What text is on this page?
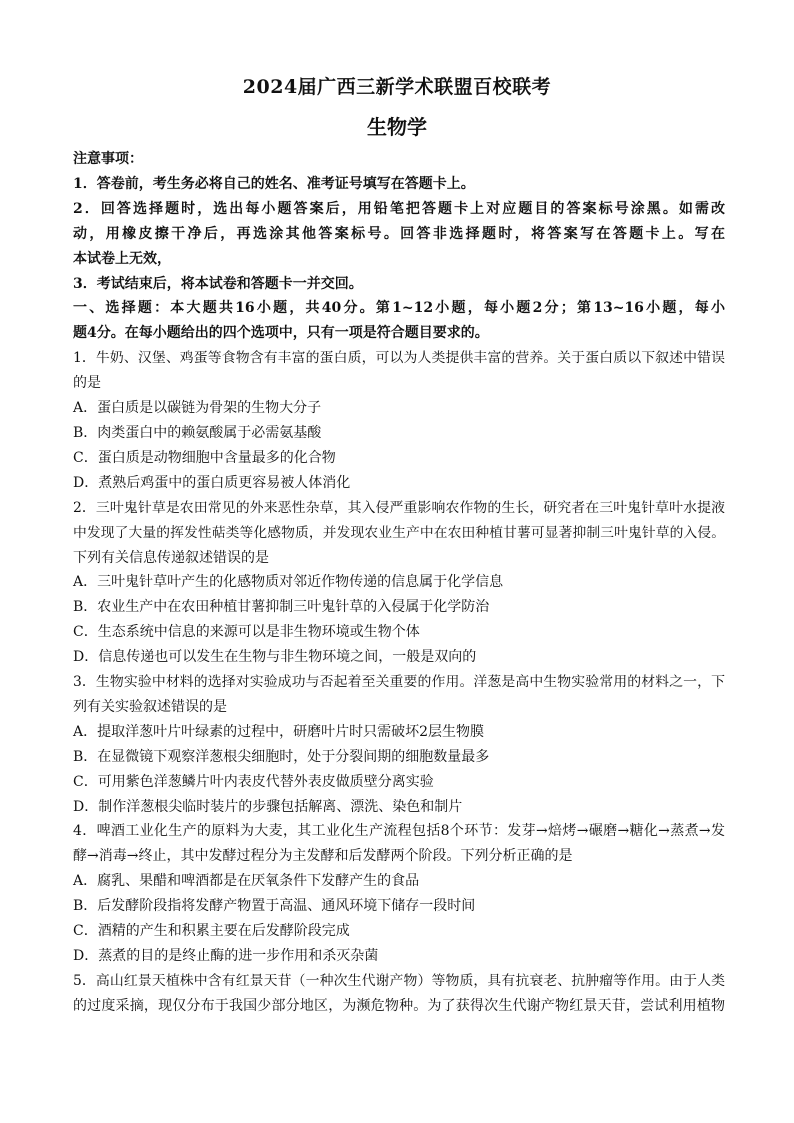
2024届广西三新学术联盟百校联考
生物学
注意事项：
1．答卷前，考生务必将自己的姓名、准考证号填写在答题卡上。
2．回答选择题时，选出每小题答案后，用铅笔把答题卡上对应题目的答案标号涂黑。如需改
动，用橡皮擦干净后，再选涂其他答案标号。回答非选择题时，将答案写在答题卡上。写在
本试卷上无效，
3．考试结束后，将本试卷和答题卡一并交回。
一、选择题：本大题共16小题，共40分。第1~12小题，每小题2分；第13~16小题，每小
题4分。在每小题给出的四个选项中，只有一项是符合题目要求的。
1．牛奶、汉堡、鸡蛋等食物含有丰富的蛋白质，可以为人类提供丰富的营养。关于蛋白质以下叙述中错误
的是
A．蛋白质是以碳链为骨架的生物大分子
B．肉类蛋白中的赖氨酸属于必需氨基酸
C．蛋白质是动物细胞中含量最多的化合物
D．煮熟后鸡蛋中的蛋白质更容易被人体消化
2．三叶鬼针草是农田常见的外来恶性杂草，其入侵严重影响农作物的生长，研究者在三叶鬼针草叶水提液
中发现了大量的挥发性萜类等化感物质，并发现农业生产中在农田种植甘薯可显著抑制三叶鬼针草的入侵。
下列有关信息传递叙述错误的是
A．三叶鬼针草叶产生的化感物质对邻近作物传递的信息属于化学信息
B．农业生产中在农田种植甘薯抑制三叶鬼针草的入侵属于化学防治
C．生态系统中信息的来源可以是非生物环境或生物个体
D．信息传递也可以发生在生物与非生物环境之间，一般是双向的
3．生物实验中材料的选择对实验成功与否起着至关重要的作用。洋葱是高中生物实验常用的材料之一，下
列有关实验叙述错误的是
A．提取洋葱叶片叶绿素的过程中，研磨叶片时只需破坏2层生物膜
B．在显微镜下观察洋葱根尖细胞时，处于分裂间期的细胞数量最多
C．可用紫色洋葱鳞片叶内表皮代替外表皮做质壁分离实验
D．制作洋葱根尖临时装片的步骤包括解离、漂洗、染色和制片
4．啤酒工业化生产的原料为大麦，其工业化生产流程包括8个环节：发芽→焙烤→碾磨→糖化→蒸煮→发
酵→消毒→终止，其中发酵过程分为主发酵和后发酵两个阶段。下列分析正确的是
A．腐乳、果醋和啤酒都是在厌氧条件下发酵产生的食品
B．后发酵阶段指将发酵产物置于高温、通风环境下储存一段时间
C．酒精的产生和积累主要在后发酵阶段完成
D．蒸煮的目的是终止酶的进一步作用和杀灭杂菌
5．高山红景天植株中含有红景天苷（一种次生代谢产物）等物质，具有抗衰老、抗肿瘤等作用。由于人类
的过度采摘，现仅分布于我国少部分地区，为濒危物种。为了获得次生代谢产物红景天苷，尝试利用植物
